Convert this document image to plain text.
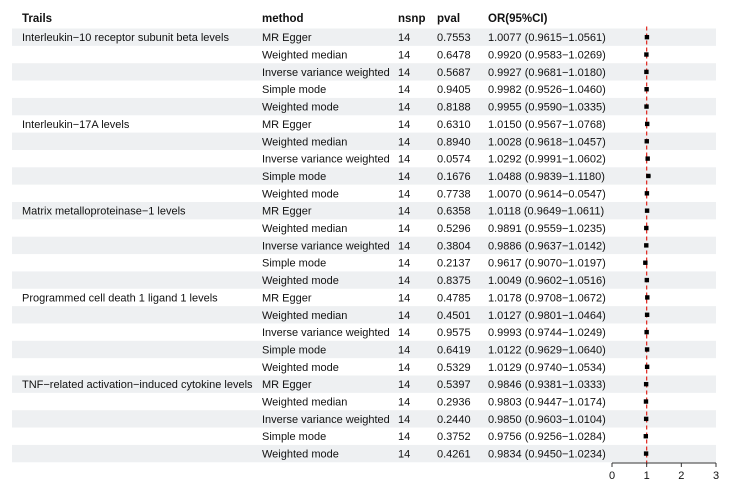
Trails	method	nsnp pval OR(95%CI)
Interleukin−10 receptor subunit beta levels	MR Egger	14 0.7553 1.0077 (0.9615−1.0561)
Weighted median	14 0.6478 0.9920 (0.9583−1.0269)
Inverse variance weighted 14 0.5687 0.9927 (0.9681−1.0180)
Simple mode	14 0.9405 0.9982 (0.9526−1.0460)
Weighted mode	14 0.8188 0.9955 (0.9590−1.0335)
Interleukin−17A levels	MR Egger	14 0.6310 1.0150 (0.9567−1.0768)
Weighted median	14 0.8940 1.0028 (0.9618−1.0457)
Inverse variance weighted 14 0.0574 1.0292 (0.9991−1.0602)
Simple mode	14 0.1676 1.0488 (0.9839−1.1180)
Weighted mode	14 0.7738 1.0070 (0.9614−0.0547)
Matrix metalloproteinase−1 levels	MR Egger	14 0.6358 1.0118 (0.9649−1.0611)
Weighted median	14 0.5296 0.9891 (0.9559−1.0235)
Inverse variance weighted 14 0.3804 0.9886 (0.9637−1.0142)
Simple mode	14 0.2137 0.9617 (0.9070−1.0197)
Weighted mode	14 0.8375 1.0049 (0.9602−1.0516)
Programmed cell death 1 ligand 1 levels	MR Egger	14 0.4785 1.0178 (0.9708−1.0672)
Weighted median	14 0.4501 1.0127 (0.9801−1.0464)
Inverse variance weighted 14 0.9575 0.9993 (0.9744−1.0249)
Simple mode	14 0.6419 1.0122 (0.9629−1.0640)
Weighted mode	14 0.5329 1.0129 (0.9740−1.0534)
TNF−related activation−induced cytokine levels MR Egger	14 0.5397 0.9846 (0.9381−1.0333)
Weighted median	14 0.2936 0.9803 (0.9447−1.0174)
Inverse variance weighted 14 0.2440 0.9850 (0.9603−1.0104)
Simple mode	14 0.3752 0.9756 (0.9256−1.0284)
Weighted mode	14 0.4261 0.9834 (0.9450−1.0234)
0	1	2	3
